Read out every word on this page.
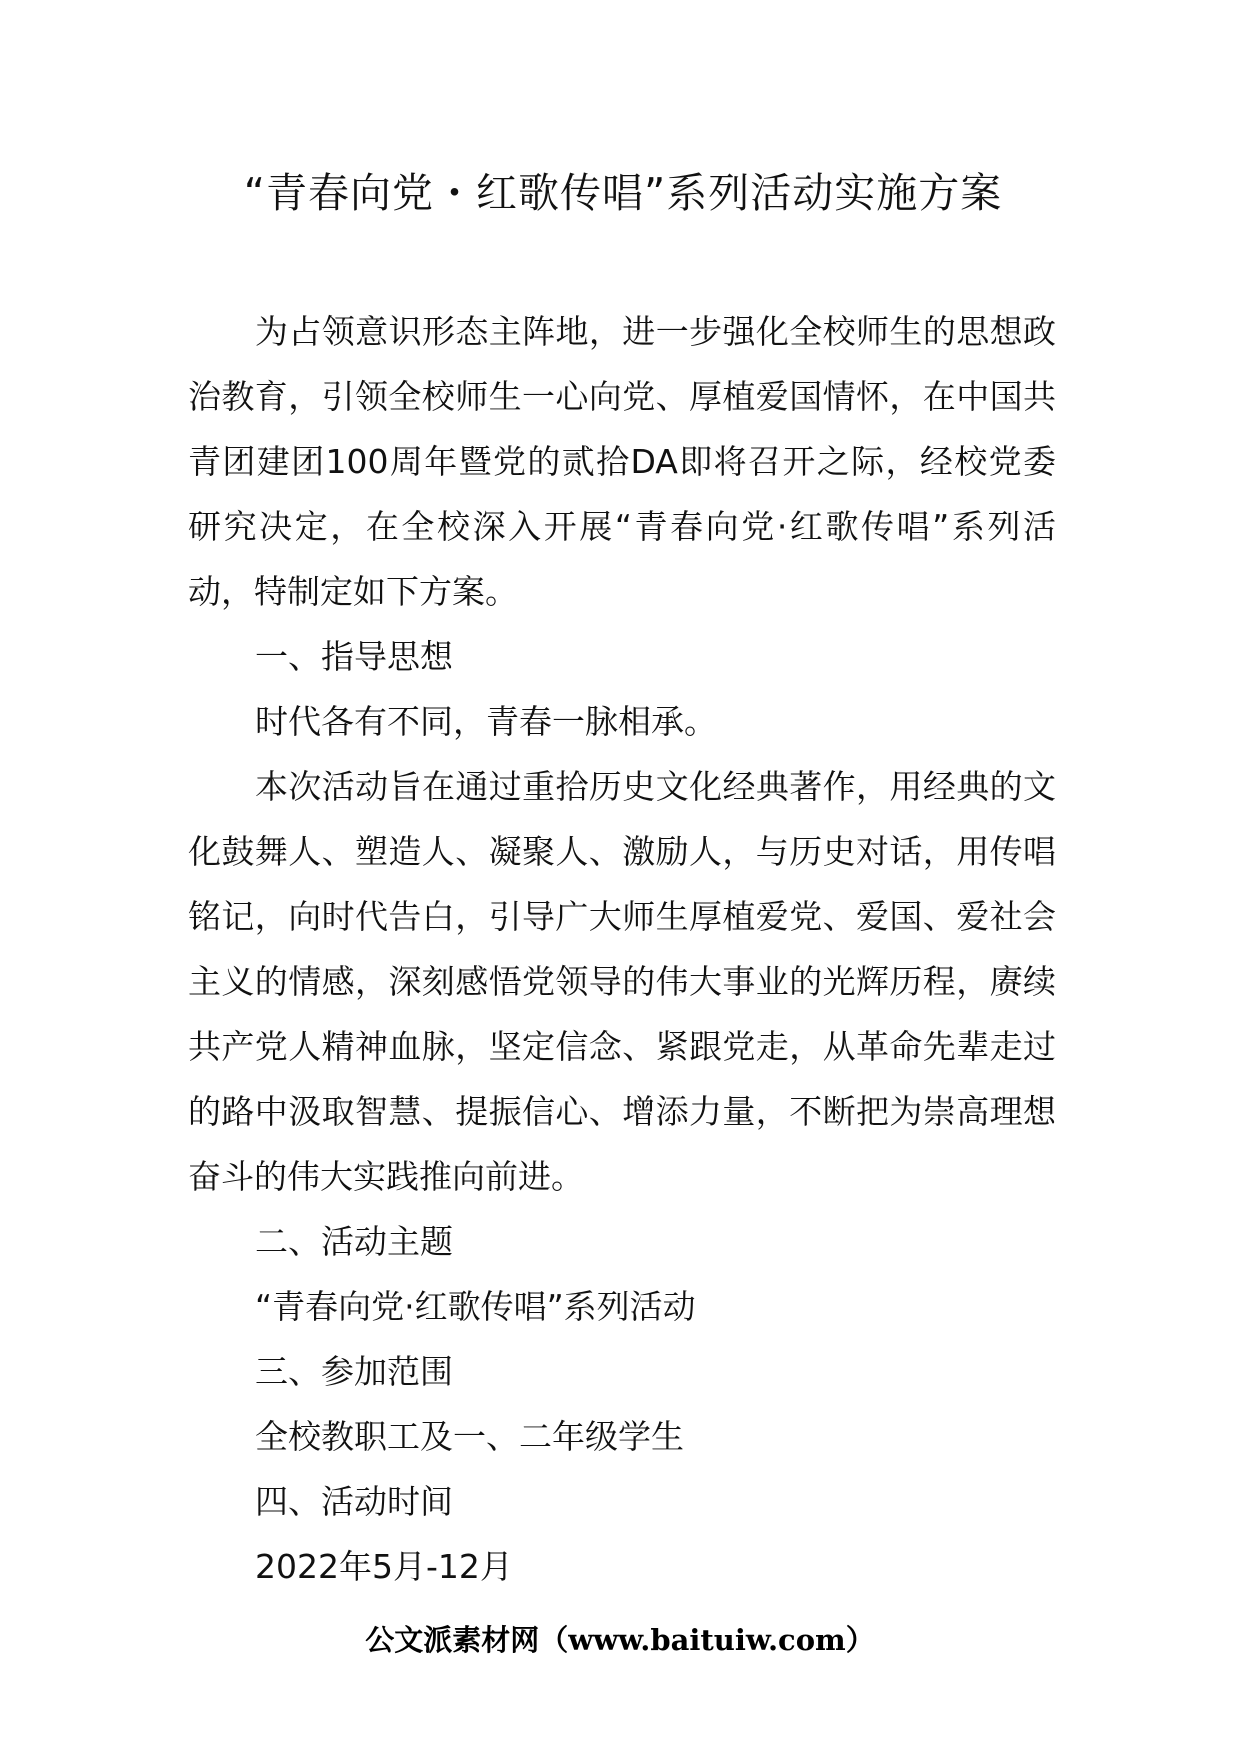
“青春向党・红歌传唱”系列活动实施方案

为占领意识形态主阵地，进一步强化全校师生的思想政治教育，引领全校师生一心向党、厚植爱国情怀，在中国共青团建团100周年暨党的贰拾DA即将召开之际，经校党委研究决定，在全校深入开展“青春向党·红歌传唱”系列活动，特制定如下方案。

一、指导思想

时代各有不同，青春一脉相承。

本次活动旨在通过重拾历史文化经典著作，用经典的文化鼓舞人、塑造人、凝聚人、激励人，与历史对话，用传唱铭记，向时代告白，引导广大师生厚植爱党、爱国、爱社会主义的情感，深刻感悟党领导的伟大事业的光辉历程，赓续共产党人精神血脉，坚定信念、紧跟党走，从革命先辈走过的路中汲取智慧、提振信心、增添力量，不断把为崇高理想奋斗的伟大实践推向前进。

二、活动主题

“青春向党·红歌传唱”系列活动

三、参加范围

全校教职工及一、二年级学生

四、活动时间

2022年5月-12月

公文派素材网（www.baituiw.com）
